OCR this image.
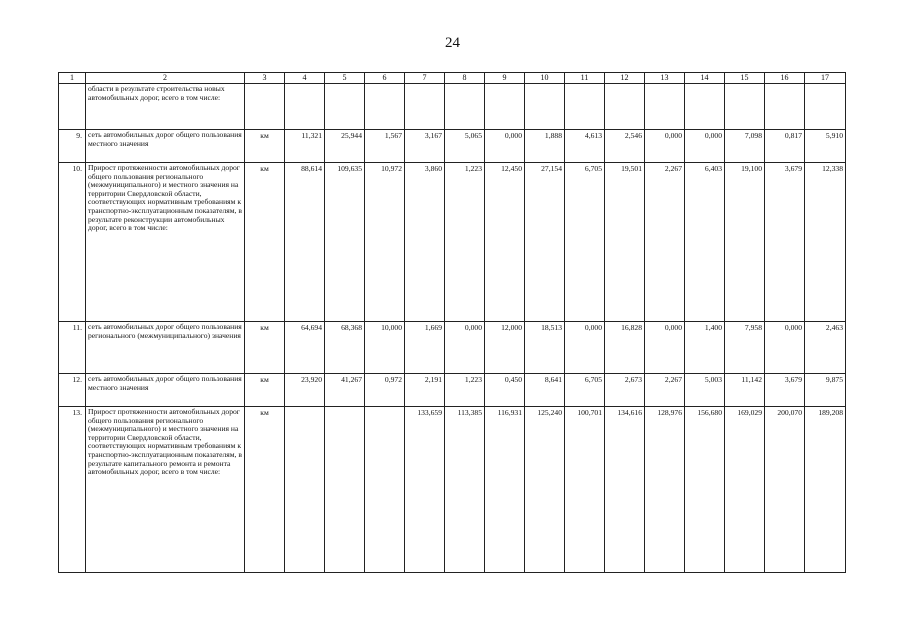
24
1	2	3	4	5	6	7	8	9	10	11	12	13	14	15	16	17
	области в результате строительства новых автомобильных дорог, всего в том числе:															
9.	сеть автомобильных дорог общего пользования местного значения	км	11,321	25,944	1,567	3,167	5,065	0,000	1,888	4,613	2,546	0,000	0,000	7,098	0,817	5,910
10.	Прирост протяженности автомобильных дорог общего пользования регионального (межмуниципального) и местного значения на территории Свердловской области, соответствующих нормативным требованиям к транспортно-эксплуатационным показателям, в результате реконструкции автомобильных дорог, всего в том числе:	км	88,614	109,635	10,972	3,860	1,223	12,450	27,154	6,705	19,501	2,267	6,403	19,100	3,679	12,338
11.	сеть автомобильных дорог общего пользования регионального (межмуниципального) значения	км	64,694	68,368	10,000	1,669	0,000	12,000	18,513	0,000	16,828	0,000	1,400	7,958	0,000	2,463
12.	сеть автомобильных дорог общего пользования местного значения	км	23,920	41,267	0,972	2,191	1,223	0,450	8,641	6,705	2,673	2,267	5,003	11,142	3,679	9,875
13.	Прирост протяженности автомобильных дорог общего пользования регионального (межмуниципального) и местного значения на территории Свердловской области, соответствующих нормативным требованиям к транспортно-эксплуатационным показателям, в результате капитального ремонта и ремонта автомобильных дорог, всего в том числе:	км				133,659	113,385	116,931	125,240	100,701	134,616	128,976	156,680	169,029	200,070	189,208
